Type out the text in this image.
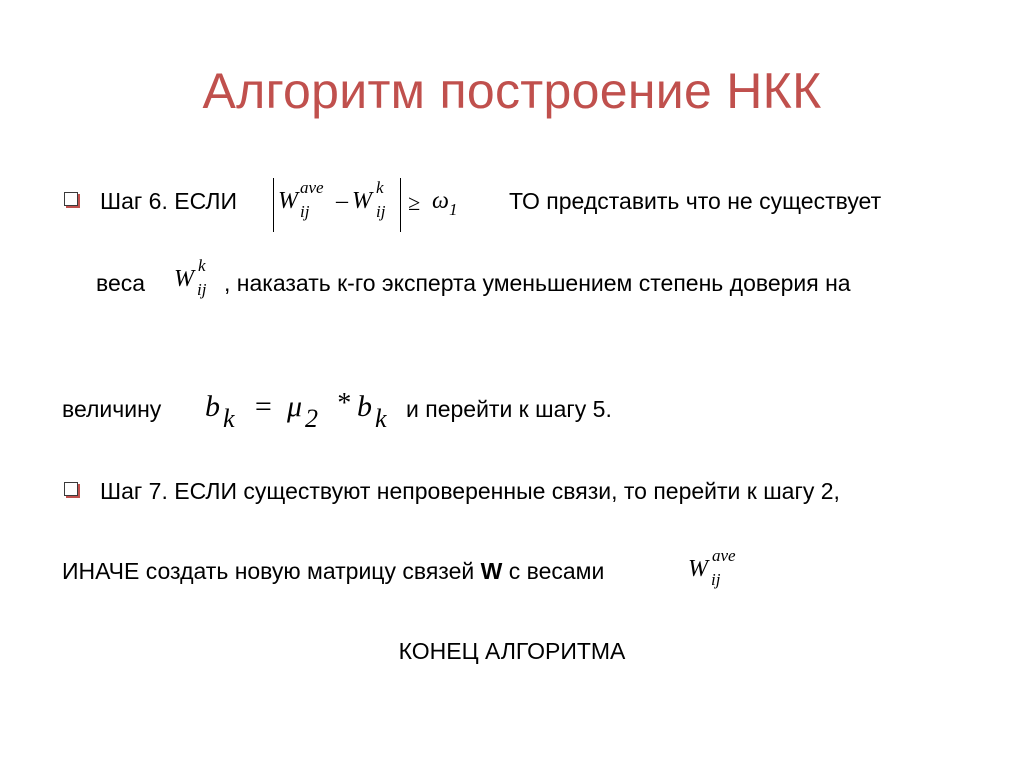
Алгоритм построение НКК
Шаг 6. ЕСЛИ W
ave
ij – W
k
ij ≥ ω 1 ТО представить что не существует
веса W
k
ij , наказать к-го эксперта уменьшением степень доверия на
величину b k = μ 2 * b k и перейти к шагу 5.
Шаг 7. ЕСЛИ существуют непроверенные связи, то перейти к шагу 2,
ИНАЧЕ создать новую матрицу связей W с весами	W
ave
ij
КОНЕЦ АЛГОРИТМА
